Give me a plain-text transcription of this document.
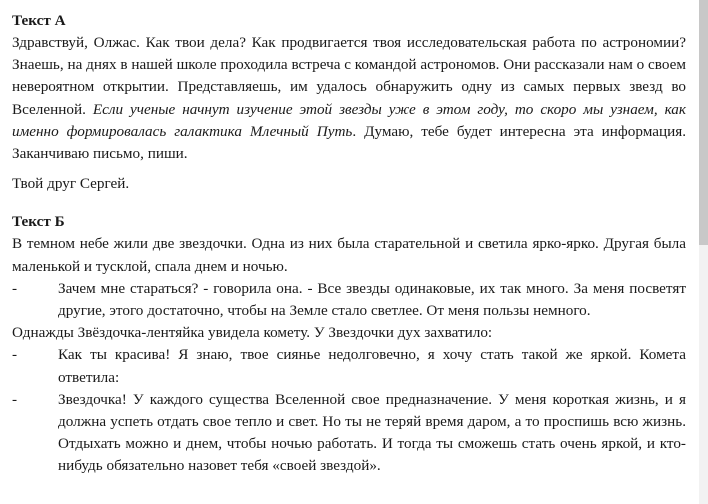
Текст А

Здравствуй, Олжас. Как твои дела? Как продвигается твоя исследовательская работа по астрономии? Знаешь, на днях в нашей школе проходила встреча с командой астрономов. Они рассказали нам о своем невероятном открытии. Представляешь, им удалось обнаружить одну из самых первых звезд во Вселенной. Если ученые начнут изучение этой звезды уже в этом году, то скоро мы узнаем, как именно формировалась галактика Млечный Путь. Думаю, тебе будет интересна эта информация. Заканчиваю письмо, пиши.

Твой друг Сергей.

Текст Б

В темном небе жили две звездочки. Одна из них была старательной и светила ярко-ярко. Другая была маленькой и тусклой, спала днем и ночью.

-	Зачем мне стараться? - говорила она. - Все звезды одинаковые, их так много. За меня посветят другие, этого достаточно, чтобы на Земле стало светлее. От меня пользы немного.

Однажды Звёздочка-лентяйка увидела комету. У Звездочки дух захватило:

-	Как ты красива! Я знаю, твое сиянье недолговечно, я хочу стать такой же яркой. Комета ответила:
-	Звездочка! У каждого существа Вселенной свое предназначение. У меня короткая жизнь, и я должна успеть отдать свое тепло и свет. Но ты не теряй время даром, а то проспишь всю жизнь. Отдыхать можно и днем, чтобы ночью работать. И тогда ты сможешь стать очень яркой, и кто-нибудь обязательно назовет тебя «своей звездой».
